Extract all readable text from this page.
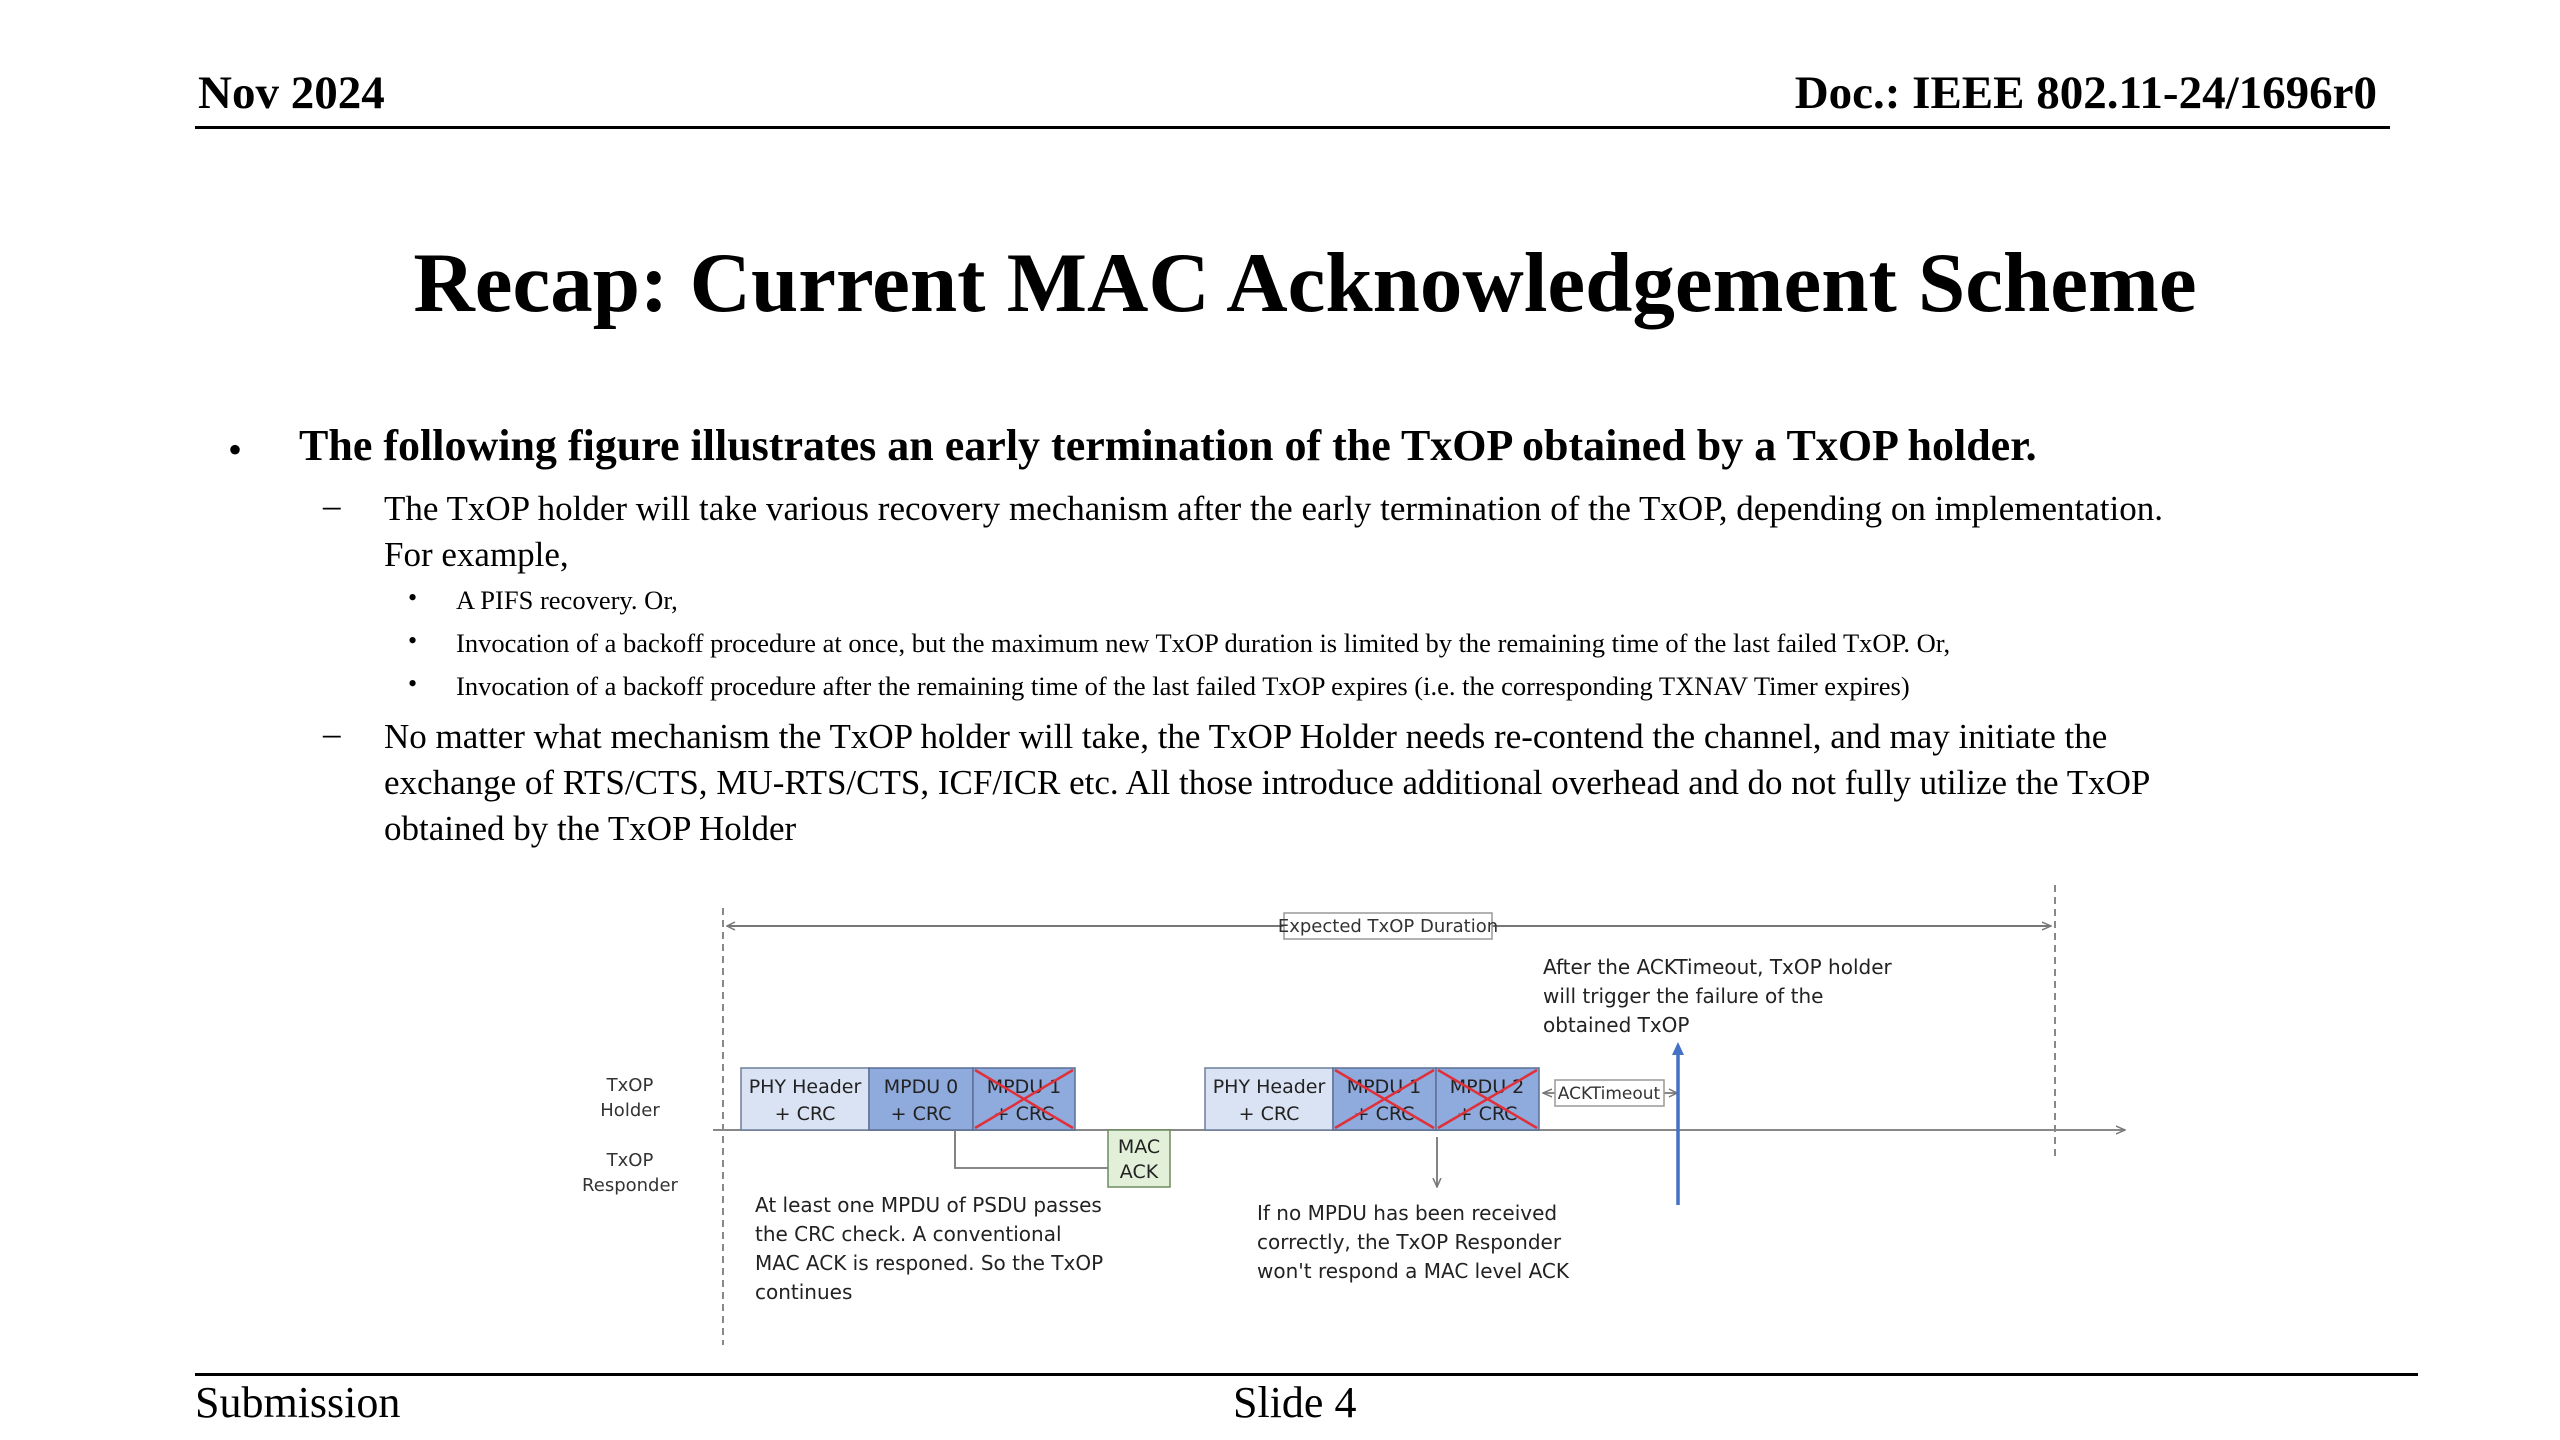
Nov 2024	Doc.: IEEE 802.11-24/1696r0
Recap: Current MAC Acknowledgement Scheme
• The following figure illustrates an early termination of the TxOP obtained by a TxOP holder.
– The TxOP holder will take various recovery mechanism after the early termination of the TxOP, depending on implementation.
For example,
• A PIFS recovery. Or,
• Invocation of a backoff procedure at once, but the maximum new TxOP duration is limited by the remaining time of the last failed TxOP. Or,
• Invocation of a backoff procedure after the remaining time of the last failed TxOP expires (i.e. the corresponding TXNAV Timer expires)
– No matter what mechanism the TxOP holder will take, the TxOP Holder needs re-contend the channel, and may initiate the
exchange of RTS/CTS, MU-RTS/CTS, ICF/ICR etc. All those introduce additional overhead and do not fully utilize the TxOP
obtained by the TxOP Holder
Expected TxOP Duration
TxOP
Holder
TxOP
Responder
PHY Header
+ CRC
MPDU 0
+ CRC
MPDU 1
+ CRC
MAC
ACK
PHY Header
+ CRC
MPDU 1
+ CRC
MPDU 2
+ CRC
ACKTimeout
After the ACKTimeout, TxOP holder
will trigger the failure of the
obtained TxOP
At least one MPDU of PSDU passes
the CRC check. A conventional
MAC ACK is responed. So the TxOP
continues
If no MPDU has been received
correctly, the TxOP Responder
won't respond a MAC level ACK
Submission	Slide 4
